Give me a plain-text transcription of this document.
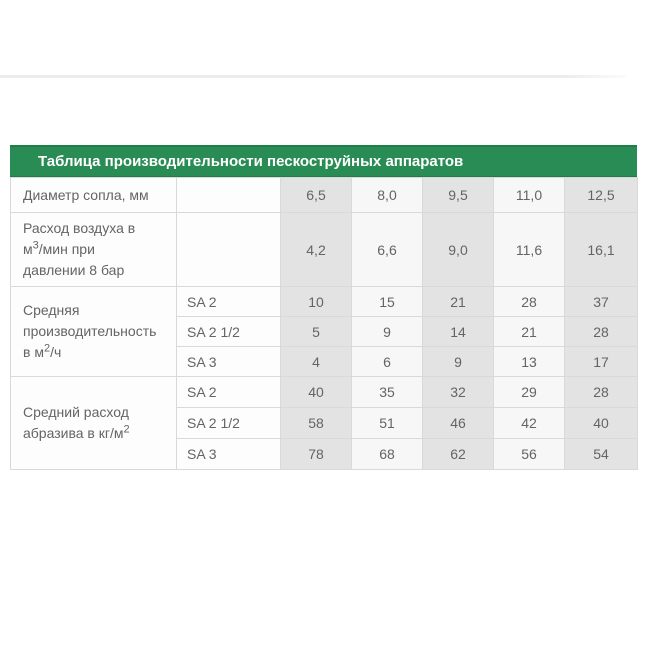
Таблица производительности пескоструйных аппаратов
Диаметр сопла, мм		6,5	8,0	9,5	11,0	12,5
Расход воздуха в
$м^3$/мин при
давлении 8 бар		4,2	6,6	9,0	11,6	16,1
Средняя
производительность
в $м^2/ч$	SA 2	10	15	21	28	37
	SA 2 1/2	5	9	14	21	28
	SA 3	4	6	9	13	17
Средний расход
абразива в $кг/м^2$	SA 2	40	35	32	29	28
	SA 2 1/2	58	51	46	42	40
	SA 3	78	68	62	56	54
